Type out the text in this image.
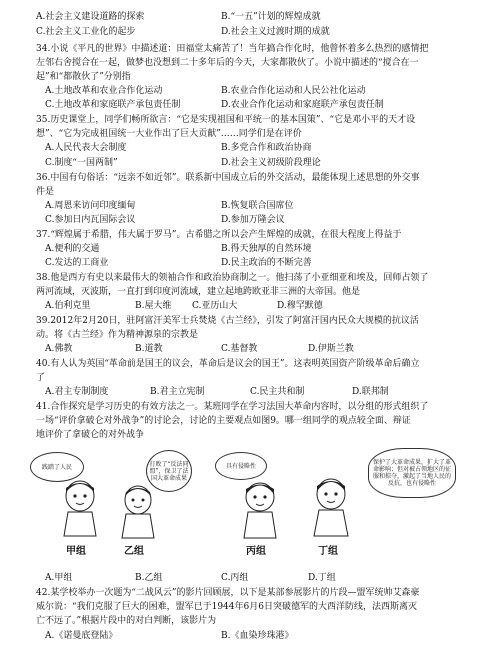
A.社会主义建设道路的探索	B.“一五”计划的辉煌成就
C.社会主义工业化的起步	D.社会主义过渡时期的成就
34.小说《平凡的世界》中描述道：田福堂太痛苦了！当年搞合作化时，他曾怀着多么热烈的感情把
左邻右舍搅合在一起，做梦也没想到二十多年后的今天，大家都散伙了。小说中描述的“搅合在一
起”和“都散伙了”分别指
A.土地改革和农业合作化运动	B.农业合作化运动和人民公社化运动
C.土地改革和家庭联产承包责任制	D.农业合作化运动和家庭联产承包责任制
35.历史课堂上，同学们畅所欲言：“它是实现祖国和平统一的基本国策”、“它是邓小平的天才设
想”、“它为完成祖国统一大业作出了巨大贡献”……同学们是在评价
A.人民代表大会制度	B.多党合作和政治协商
C.制度“一国两制”	D.社会主义初级阶段理论
36.中国有句俗话：“远亲不如近邻”。联系新中国成立后的外交活动，最能体现上述思想的外交事
件是
A.周恩来访问印度缅甸	B.恢复联合国席位
C.参加日内瓦国际会议	D.参加万隆会议
37.“辉煌属于希腊，伟大属于罗马”。古希腊之所以会产生辉煌的成就，在很大程度上得益于
A.便利的交通	B.得天独厚的自然环境
C.发达的工商业	D.民主政治的不断完善
38.他是西方有史以来最伟大的领袖合作和政治协商制之一。他扫荡了小亚细亚和埃及，回师占领了
两河流域，灭波斯，一直打到印度河流域，建立起地跨欧亚非三洲的大帝国。他是
A.伯利克里	B.屋大维 C.亚历山大	D.穆罕默德
39.2012年2月20日，驻阿富汗美军士兵焚烧《古兰经》，引发了阿富汗国内民众大规模的抗议活
动。将《古兰经》作为精神源泉的宗教是
A.佛教	B.道教	C.基督教	D.伊斯兰教
40.有人认为英国“革命前是国王的议会，革命后是议会的国王”。这表明英国资产阶级革命后确立
了
A.君主专制制度	B.君主立宪制	C.民主共和制	D.联邦制
41.合作探究是学习历史的有效方法之一。某班同学在学习法国大革命内容时，以分组的形式组织了
一场“评价拿破仑对外战争”的讨论会，讨论的主要观点如图9。哪一组同学的观点较全面、辩证
地评价了拿破仑的对外战争
践踏了人民	打败了“反法同盟”，保卫了法国大革命成果
具有侵略性	保护了大革命成果，扩大了革命影响；但对被占领地区的征服和掠夺，激起了当地人民的反抗，也有侵略性
甲组	乙组	丙组	丁组
A.甲组	B.乙组	C.丙组	D.丁组
42.某学校举办一次题为“二战风云”的影片回顾展，以下是某部参展影片的片段—盟军统帅艾森豪
威尔说：“我们克服了巨大的困难，盟军已于1944年6月6日突破德军的大西洋防线，法西斯离灭
亡不远了。”根据片段中的对白判断，该影片为
A.《诺曼底登陆》	B.《血染珍珠港》
